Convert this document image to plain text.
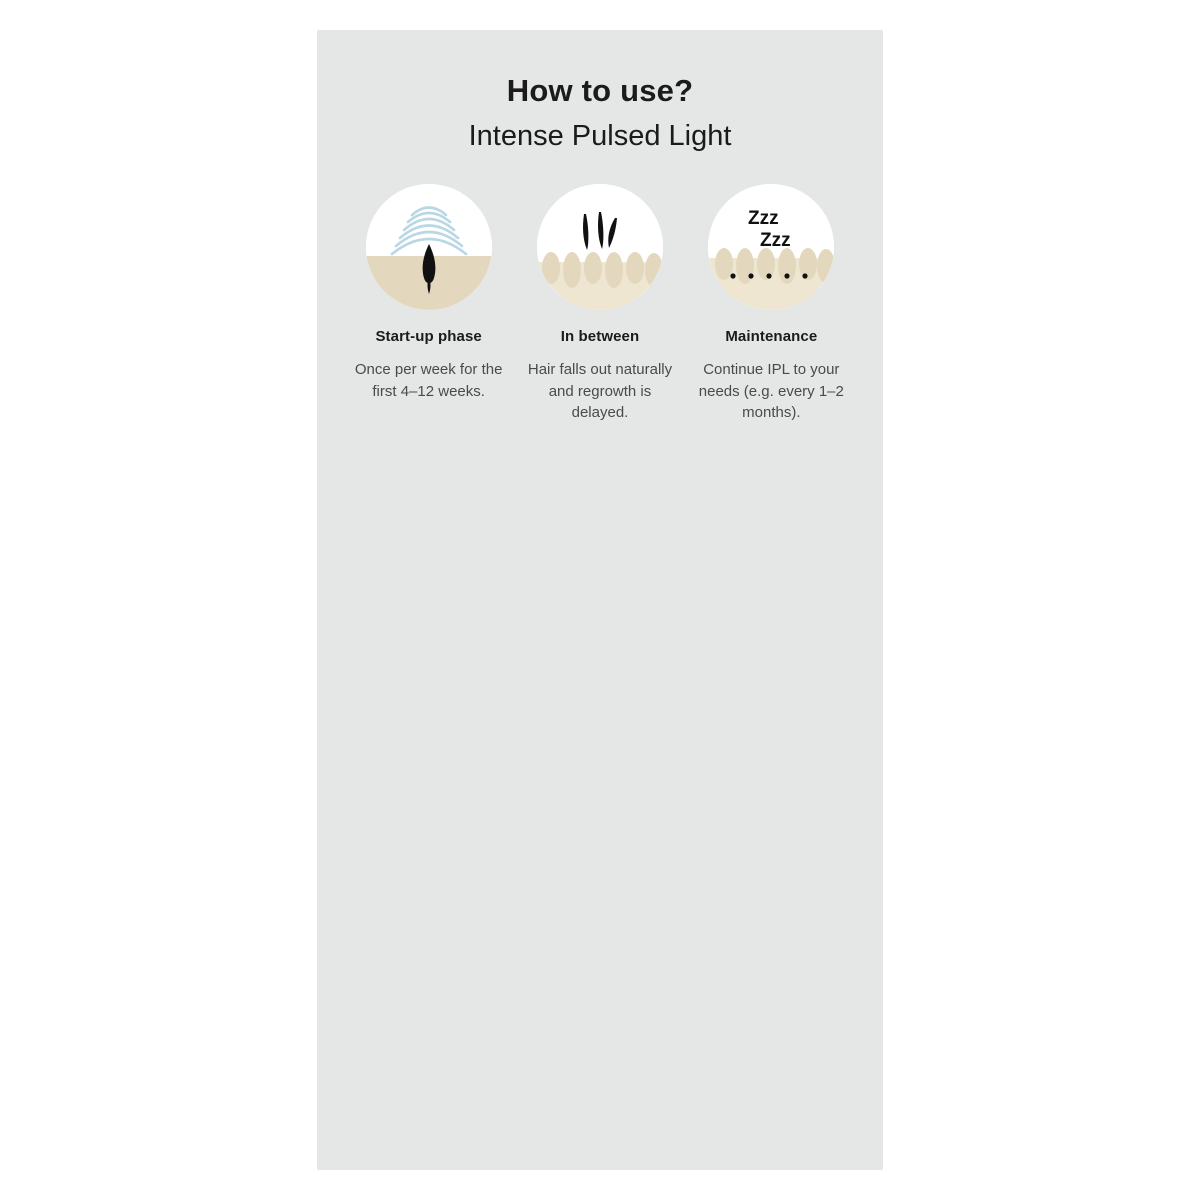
How to use?
Intense Pulsed Light
Start-up phase
Once per week for the first 4–12 weeks.
In between
Hair falls out naturally and regrowth is delayed.
Zzz
Zzz
Maintenance
Continue IPL to your needs (e.g. every 1–2 months).
